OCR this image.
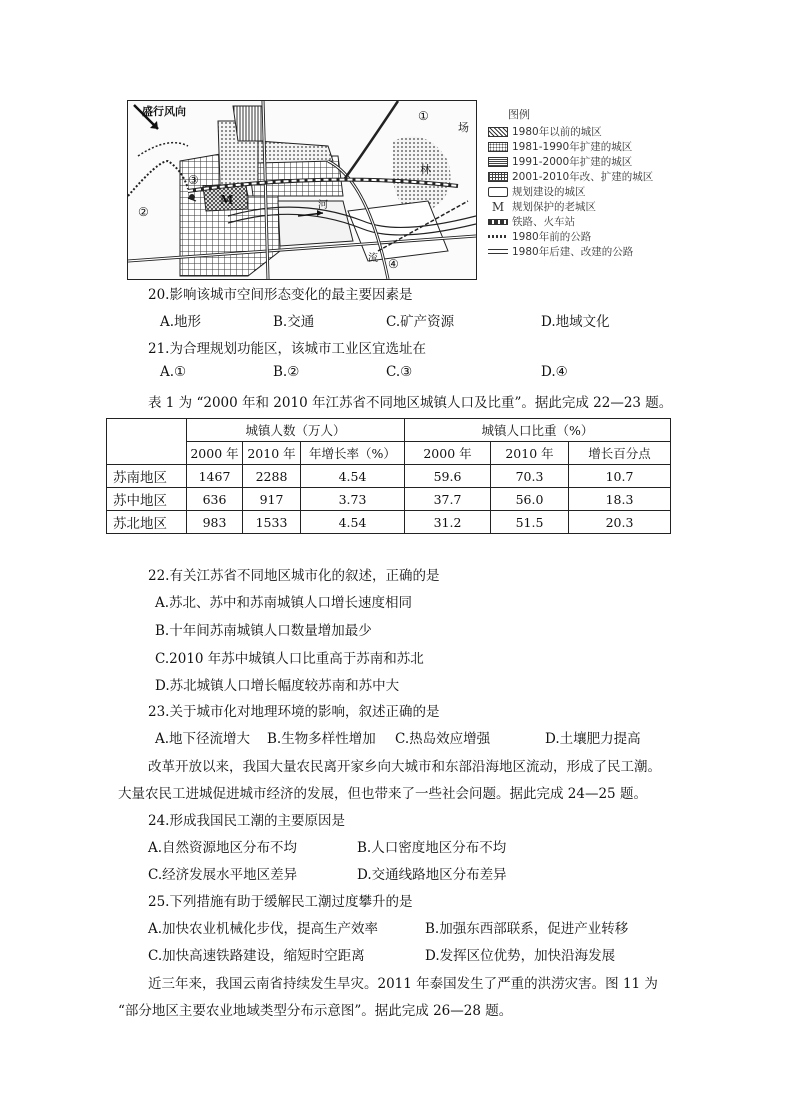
盛行风向
林
场
河
流
M
①
②
③
④
图例
1980年以前的城区
1981-1990年扩建的城区
1991-2000年扩建的城区
2001-2010年改、扩建的城区
规划建设的城区
M 规划保护的老城区
铁路、火车站
1980年前的公路
1980年后建、改建的公路
20.影响该城市空间形态变化的最主要因素是
A.地形	B.交通	C.矿产资源	D.地域文化
21.为合理规划功能区，该城市工业区宜选址在
A.①	B.②	C.③	D.④
表 1 为 “2000 年和 2010 年江苏省不同地区城镇人口及比重”。据此完成 22—23 题。
	城镇人数（万人）			城镇人口比重（%）		
	2000 年	2010 年	年增长率（%）	2000 年	2010 年	增长百分点
苏南地区	1467	2288	4.54	59.6	70.3	10.7
苏中地区	636	917	3.73	37.7	56.0	18.3
苏北地区	983	1533	4.54	31.2	51.5	20.3
22.有关江苏省不同地区城市化的叙述，正确的是
A.苏北、苏中和苏南城镇人口增长速度相同
B.十年间苏南城镇人口数量增加最少
C.2010 年苏中城镇人口比重高于苏南和苏北
D.苏北城镇人口增长幅度较苏南和苏中大
23.关于城市化对地理环境的影响，叙述正确的是
A.地下径流增大 B.生物多样性增加 C.热岛效应增强	D.土壤肥力提高
改革开放以来，我国大量农民离开家乡向大城市和东部沿海地区流动，形成了民工潮。
大量农民工进城促进城市经济的发展，但也带来了一些社会问题。据此完成 24—25 题。
24.形成我国民工潮的主要原因是
A.自然资源地区分布不均	B.人口密度地区分布不均
C.经济发展水平地区差异	D.交通线路地区分布差异
25.下列措施有助于缓解民工潮过度攀升的是
A.加快农业机械化步伐，提高生产效率	B.加强东西部联系，促进产业转移
C.加快高速铁路建设，缩短时空距离	D.发挥区位优势，加快沿海发展
近三年来，我国云南省持续发生旱灾。2011 年泰国发生了严重的洪涝灾害。图 11 为
“部分地区主要农业地域类型分布示意图”。据此完成 26—28 题。
